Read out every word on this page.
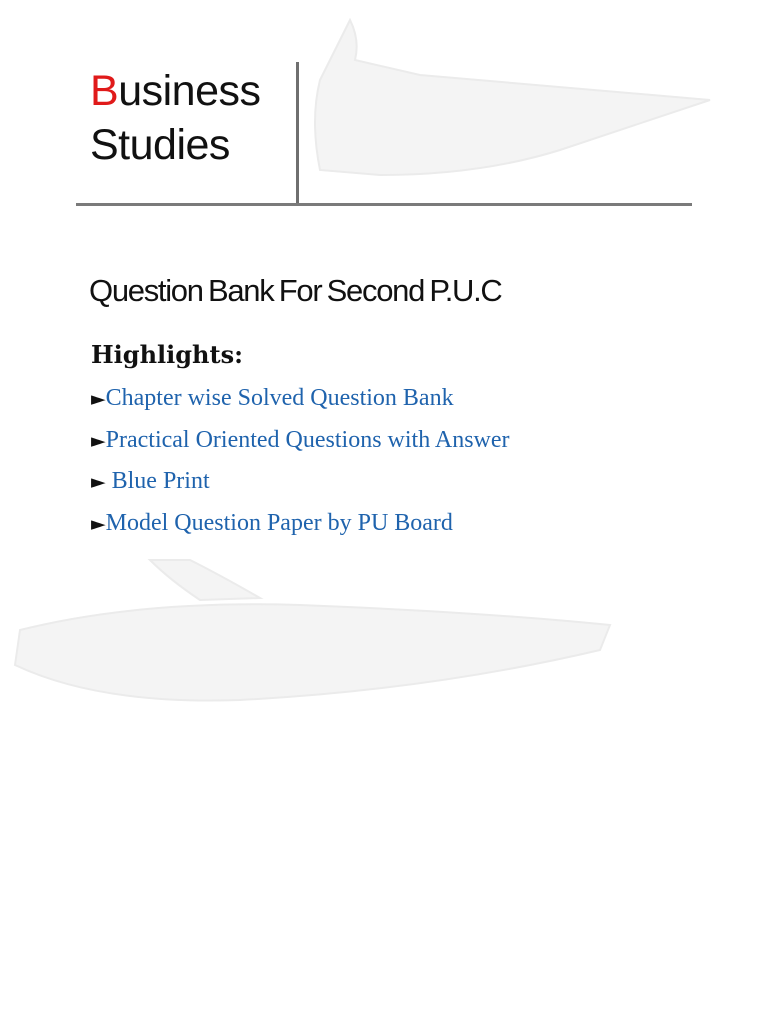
Business
Studies
Question Bank For Second P.U.C
Highlights:
►Chapter wise Solved Question Bank
►Practical Oriented Questions with Answer
► Blue Print
►Model Question Paper by PU Board
